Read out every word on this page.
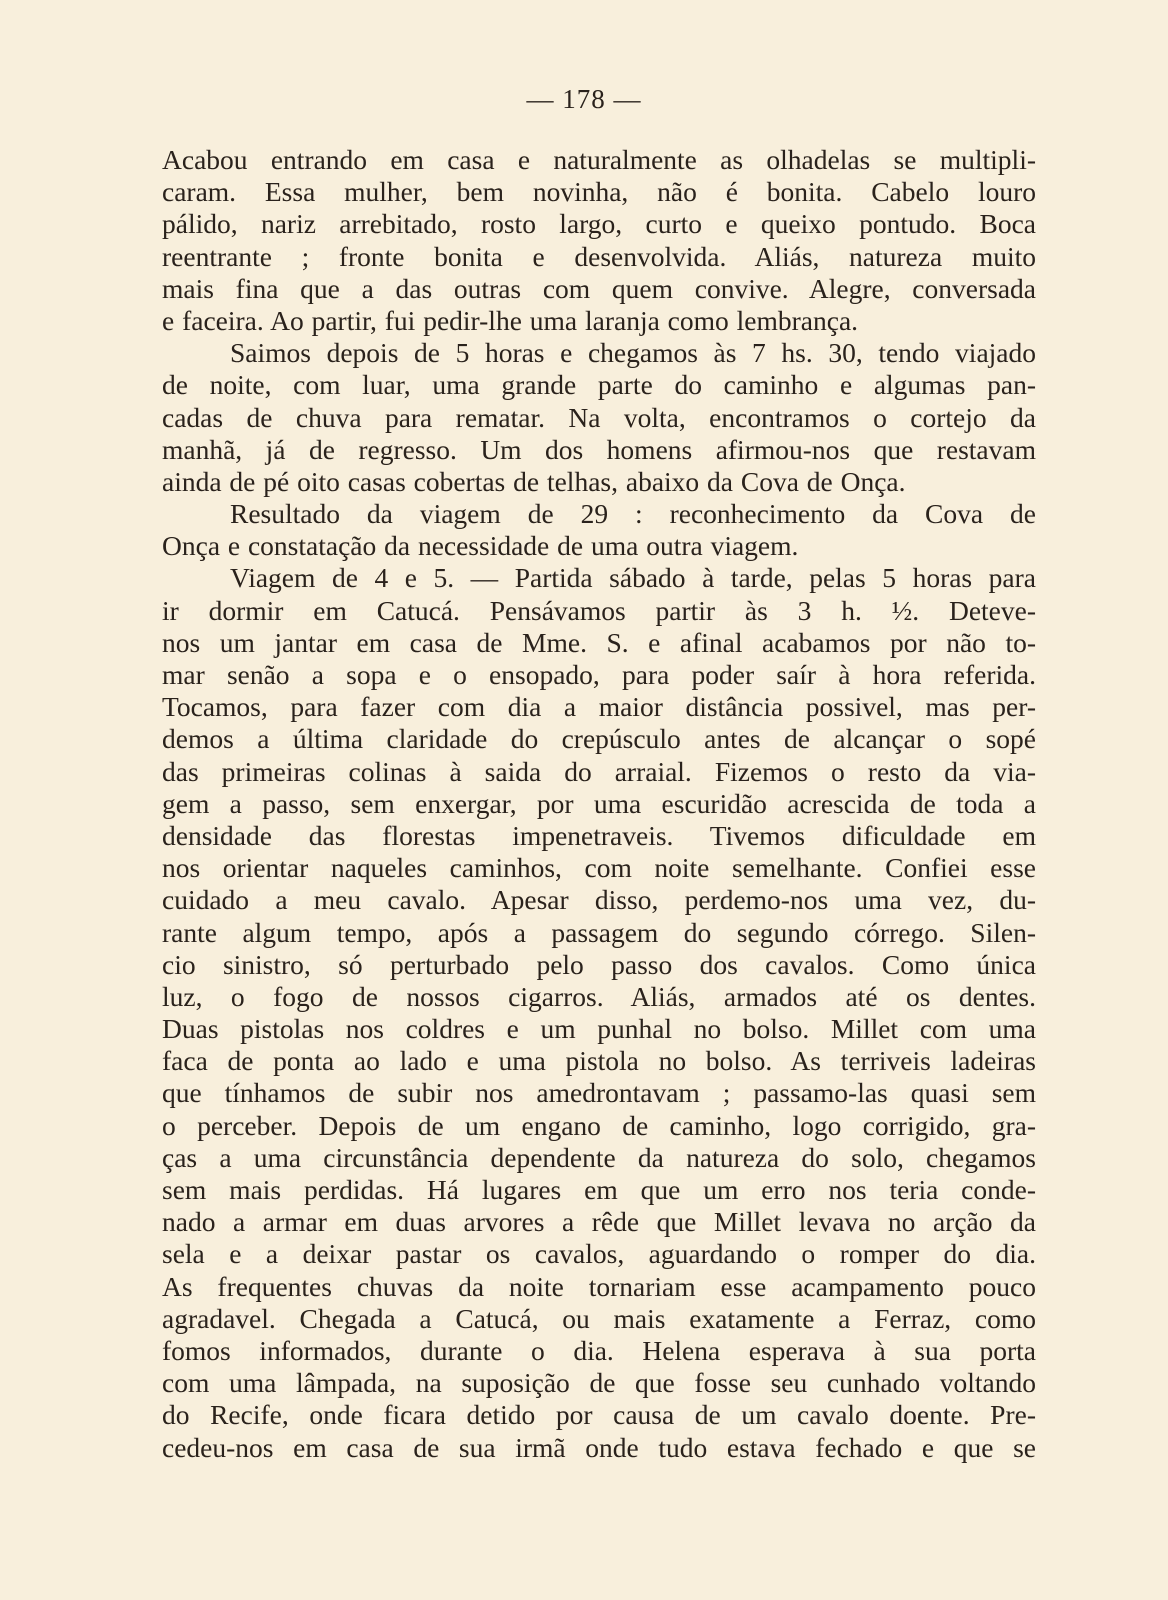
— 178 —
Acabou entrando em casa e naturalmente as olhadelas se multipli-
caram. Essa mulher, bem novinha, não é bonita. Cabelo louro
pálido, nariz arrebitado, rosto largo, curto e queixo pontudo. Boca
reentrante ; fronte bonita e desenvolvida. Aliás, natureza muito
mais fina que a das outras com quem convive. Alegre, conversada
e faceira. Ao partir, fui pedir-lhe uma laranja como lembrança.
Saimos depois de 5 horas e chegamos às 7 hs. 30, tendo viajado
de noite, com luar, uma grande parte do caminho e algumas pan-
cadas de chuva para rematar. Na volta, encontramos o cortejo da
manhã, já de regresso. Um dos homens afirmou-nos que restavam
ainda de pé oito casas cobertas de telhas, abaixo da Cova de Onça.
Resultado da viagem de 29 : reconhecimento da Cova de
Onça e constatação da necessidade de uma outra viagem.
Viagem de 4 e 5. — Partida sábado à tarde, pelas 5 horas para
ir dormir em Catucá. Pensávamos partir às 3 h. ½. Deteve-
nos um jantar em casa de Mme. S. e afinal acabamos por não to-
mar senão a sopa e o ensopado, para poder saír à hora referida.
Tocamos, para fazer com dia a maior distância possivel, mas per-
demos a última claridade do crepúsculo antes de alcançar o sopé
das primeiras colinas à saida do arraial. Fizemos o resto da via-
gem a passo, sem enxergar, por uma escuridão acrescida de toda a
densidade das florestas impenetraveis. Tivemos dificuldade em
nos orientar naqueles caminhos, com noite semelhante. Confiei esse
cuidado a meu cavalo. Apesar disso, perdemo-nos uma vez, du-
rante algum tempo, após a passagem do segundo córrego. Silen-
cio sinistro, só perturbado pelo passo dos cavalos. Como única
luz, o fogo de nossos cigarros. Aliás, armados até os dentes.
Duas pistolas nos coldres e um punhal no bolso. Millet com uma
faca de ponta ao lado e uma pistola no bolso. As terriveis ladeiras
que tínhamos de subir nos amedrontavam ; passamo-las quasi sem
o perceber. Depois de um engano de caminho, logo corrigido, gra-
ças a uma circunstância dependente da natureza do solo, chegamos
sem mais perdidas. Há lugares em que um erro nos teria conde-
nado a armar em duas arvores a rêde que Millet levava no arção da
sela e a deixar pastar os cavalos, aguardando o romper do dia.
As frequentes chuvas da noite tornariam esse acampamento pouco
agradavel. Chegada a Catucá, ou mais exatamente a Ferraz, como
fomos informados, durante o dia. Helena esperava à sua porta
com uma lâmpada, na suposição de que fosse seu cunhado voltando
do Recife, onde ficara detido por causa de um cavalo doente. Pre-
cedeu-nos em casa de sua irmã onde tudo estava fechado e que se
